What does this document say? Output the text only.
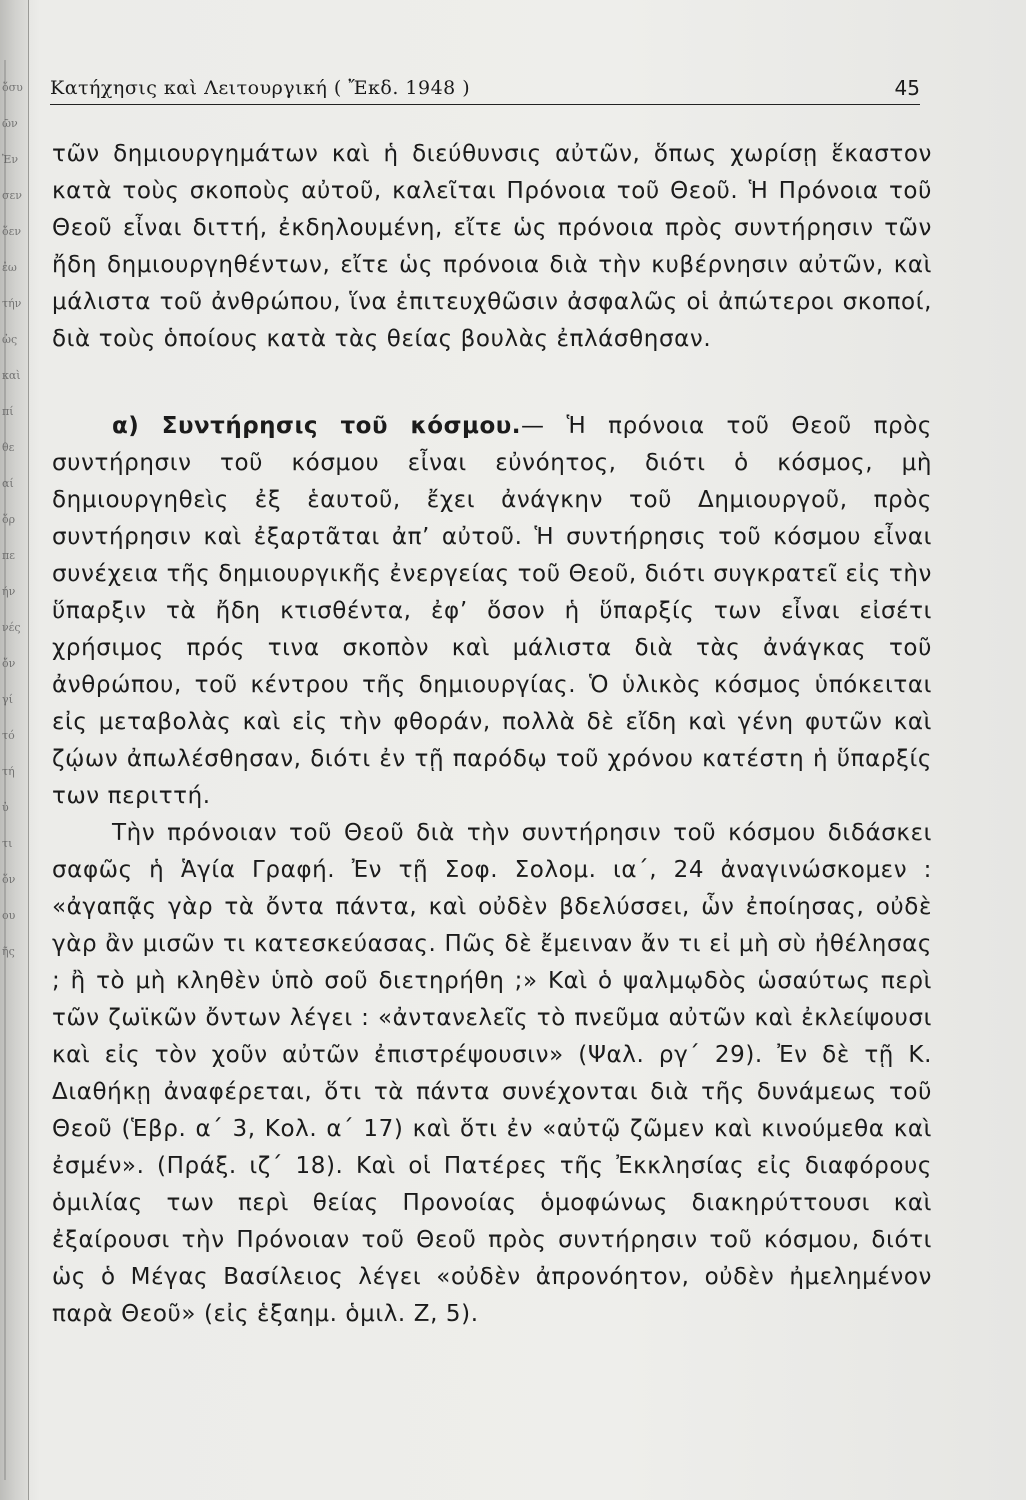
ὅσυ
ῶν
Ἐν
σεν
ὅεν
ἐω
τήν
ὡς
καὶ
πί
θε
αί
ὅρ
πε
ήν
νές
ὄν
γί
τό
τή
ὐ
τι
ὅν
ου
ῆς
Κατήχησις καὶ Λειτουργική ( Ἔκδ. 1948 )	45

τῶν δημιουργημάτων καὶ ἡ διεύθυνσις αὐτῶν, ὅπως χωρίσῃ ἕκαστον κατὰ τοὺς σκοποὺς αὐτοῦ, καλεῖται Πρόνοια τοῦ Θεοῦ. Ἡ Πρόνοια τοῦ Θεοῦ εἶναι διττή, ἐκδηλουμένη, εἴτε ὡς πρόνοια πρὸς συντήρησιν τῶν ἤδη δημιουργηθέντων, εἴτε ὡς πρόνοια διὰ τὴν κυβέρνησιν αὐτῶν, καὶ μάλιστα τοῦ ἀνθρώπου, ἵνα ἐπιτευχθῶσιν ἀσφαλῶς οἱ ἀπώτεροι σκοποί, διὰ τοὺς ὁποίους κατὰ τὰς θείας βουλὰς ἐπλάσθησαν.

α) Συντήρησις τοῦ κόσμου.— Ἡ πρόνοια τοῦ Θεοῦ πρὸς συντήρησιν τοῦ κόσμου εἶναι εὐνόητος, διότι ὁ κόσμος, μὴ δημιουργηθεὶς ἐξ ἑαυτοῦ, ἔχει ἀνάγκην τοῦ Δημιουργοῦ, πρὸς συντήρησιν καὶ ἐξαρτᾶται ἀπ’ αὐτοῦ. Ἡ συντήρησις τοῦ κόσμου εἶναι συνέχεια τῆς δημιουργικῆς ἐνεργείας τοῦ Θεοῦ, διότι συγκρατεῖ εἰς τὴν ὕπαρξιν τὰ ἤδη κτισθέντα, ἐφ’ ὅσον ἡ ὕπαρξίς των εἶναι εἰσέτι χρήσιμος πρός τινα σκοπὸν καὶ μάλιστα διὰ τὰς ἀνάγκας τοῦ ἀνθρώπου, τοῦ κέντρου τῆς δημιουργίας. Ὁ ὑλικὸς κόσμος ὑπόκειται εἰς μεταβολὰς καὶ εἰς τὴν φθοράν, πολλὰ δὲ εἴδη καὶ γένη φυτῶν καὶ ζῴων ἀπωλέσθησαν, διότι ἐν τῇ παρόδῳ τοῦ χρόνου κατέστη ἡ ὕπαρξίς των περιττή.

Τὴν πρόνοιαν τοῦ Θεοῦ διὰ τὴν συντήρησιν τοῦ κόσμου διδάσκει σαφῶς ἡ Ἁγία Γραφή. Ἐν τῇ Σοφ. Σολομ. ια΄, 24 ἀναγινώσκομεν : «ἀγαπᾷς γὰρ τὰ ὄντα πάντα, καὶ οὐδὲν βδελύσσει, ὧν ἐποίησας, οὐδὲ γὰρ ἂν μισῶν τι κατεσκεύασας. Πῶς δὲ ἔμειναν ἄν τι εἰ μὴ σὺ ἠθέλησας ; ἢ τὸ μὴ κληθὲν ὑπὸ σοῦ διετηρήθη ;» Καὶ ὁ ψαλμῳδὸς ὡσαύτως περὶ τῶν ζωϊκῶν ὄντων λέγει : «ἀντανελεῖς τὸ πνεῦμα αὐτῶν καὶ ἐκλείψουσι καὶ εἰς τὸν χοῦν αὐτῶν ἐπιστρέψουσιν» (Ψαλ. ργ΄ 29). Ἐν δὲ τῇ Κ. Διαθήκῃ ἀναφέρεται, ὅτι τὰ πάντα συνέχονται διὰ τῆς δυνάμεως τοῦ Θεοῦ (Ἑβρ. α΄ 3, Κολ. α΄ 17) καὶ ὅτι ἐν «αὐτῷ ζῶμεν καὶ κινούμεθα καὶ ἐσμέν». (Πράξ. ιζ΄ 18). Καὶ οἱ Πατέρες τῆς Ἐκκλησίας εἰς διαφόρους ὁμιλίας των περὶ θείας Προνοίας ὁμοφώνως διακηρύττουσι καὶ ἐξαίρουσι τὴν Πρόνοιαν τοῦ Θεοῦ πρὸς συντήρησιν τοῦ κόσμου, διότι ὡς ὁ Μέγας Βασίλειος λέγει «οὐδὲν ἀπρονόητον, οὐδὲν ἠμελημένον παρὰ Θεοῦ» (εἰς ἑξαημ. ὁμιλ. Ζ, 5).
